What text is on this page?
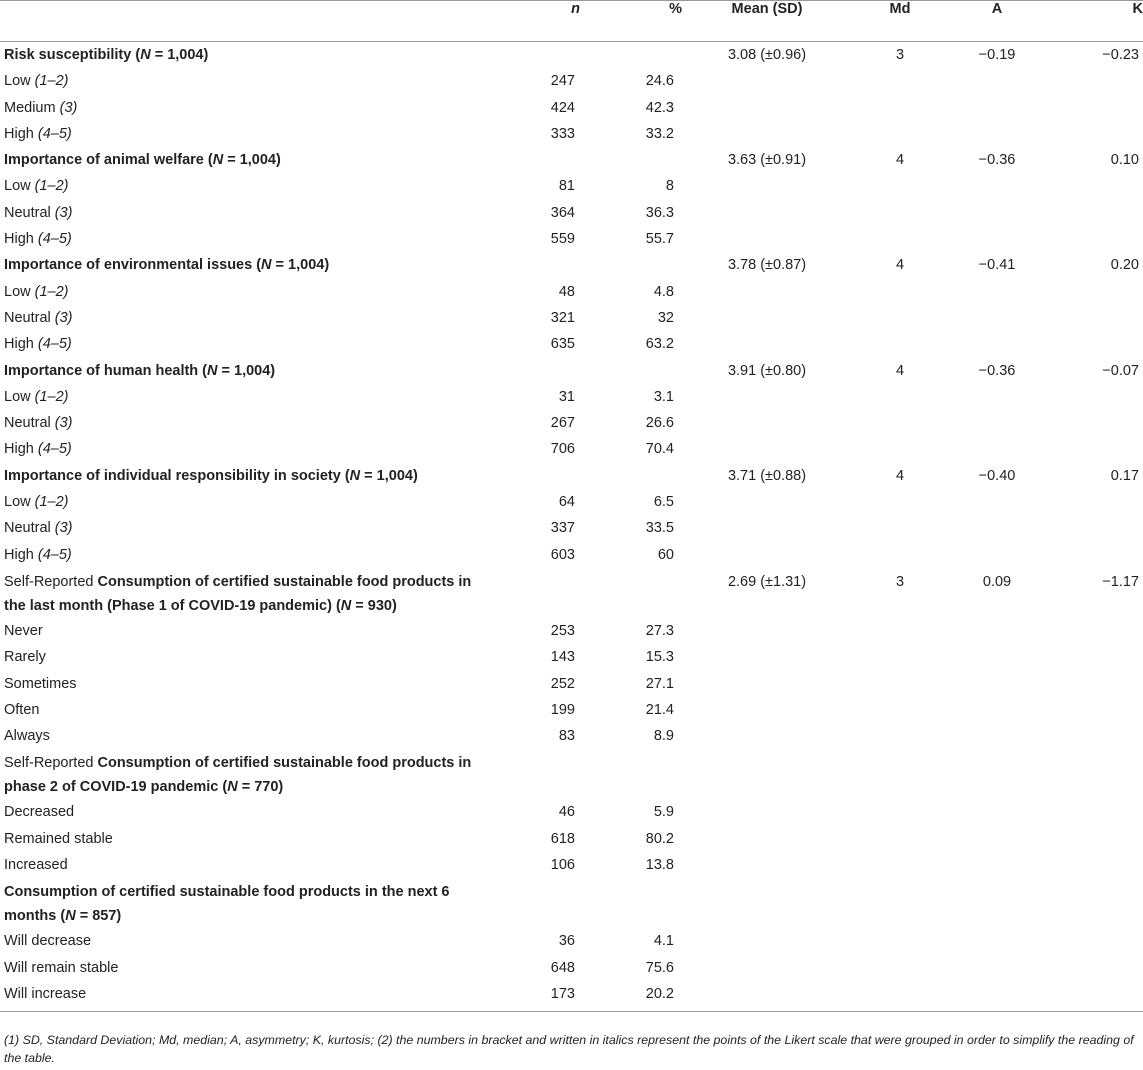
	n	%	Mean (SD)	Md	A	K
Risk susceptibility (N = 1,004)			3.08 (±0.96)	3	−0.19	−0.23
Low (1–2)	247	24.6				
Medium (3)	424	42.3				
High (4–5)	333	33.2				
Importance of animal welfare (N = 1,004)			3.63 (±0.91)	4	−0.36	0.10
Low (1–2)	81	8				
Neutral (3)	364	36.3				
High (4–5)	559	55.7				
Importance of environmental issues (N = 1,004)			3.78 (±0.87)	4	−0.41	0.20
Low (1–2)	48	4.8				
Neutral (3)	321	32				
High (4–5)	635	63.2				
Importance of human health (N = 1,004)			3.91 (±0.80)	4	−0.36	−0.07
Low (1–2)	31	3.1				
Neutral (3)	267	26.6				
High (4–5)	706	70.4				
Importance of individual responsibility in society (N = 1,004)			3.71 (±0.88)	4	−0.40	0.17
Low (1–2)	64	6.5				
Neutral (3)	337	33.5				
High (4–5)	603	60				
Self-Reported Consumption of certified sustainable food products in the last month (Phase 1 of COVID-19 pandemic) (N = 930)			2.69 (±1.31)	3	0.09	−1.17
Never	253	27.3				
Rarely	143	15.3				
Sometimes	252	27.1				
Often	199	21.4				
Always	83	8.9				
Self-Reported Consumption of certified sustainable food products in phase 2 of COVID-19 pandemic (N = 770)						
Decreased	46	5.9				
Remained stable	618	80.2				
Increased	106	13.8				
Consumption of certified sustainable food products in the next 6 months (N = 857)						
Will decrease	36	4.1				
Will remain stable	648	75.6				
Will increase	173	20.2				
(1) SD, Standard Deviation; Md, median; A, asymmetry; K, kurtosis; (2) the numbers in bracket and written in italics represent the points of the Likert scale that were grouped in order to simplify the reading of the table.
